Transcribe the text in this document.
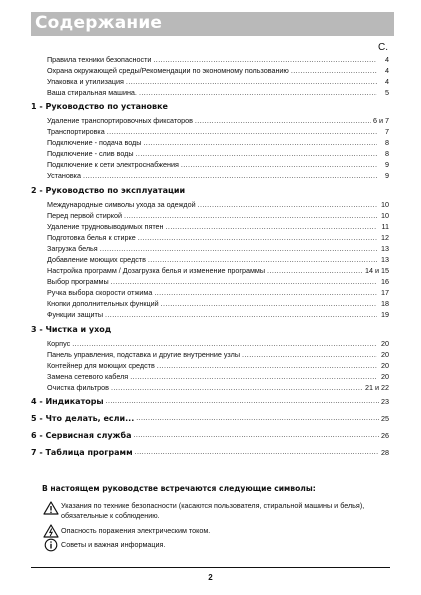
Содержание
С.
Правила техники безопасности .....	4
Охрана окружающей среды/Рекомендации по экономному пользованию .....	4
Упаковка и утилизация .....	4
Ваша стиральная машина. .....	5
1 - Руководство по установке
Удаление транспортировочных фиксаторов .....	6 и 7
Транспортировка .....	7
Подключение - подача воды .....	8
Подключение - слив воды .....	8
Подключение к сети электроснабжения .....	9
Установка .....	9
2 - Руководство по эксплуатации
Международные символы ухода за одеждой .....	10
Перед первой стиркой .....	10
Удаление трудновыводимых пятен .....	11
Подготовка белья к стирке .....	12
Загрузка белья .....	13
Добавление моющих средств .....	13
Настройка программ / Дозагрузка белья и изменение программы .....	14 и 15
Выбор программы .....	16
Ручка выбора скорости отжима .....	17
Кнопки дополнительных функций .....	18
Функции защиты .....	19
3 - Чистка и уход
Корпус .....	20
Панель управления, подставка и другие внутренние узлы .....	20
Контейнер для моющих средств .....	20
Замена сетевого кабеля .....	20
Очистка фильтров .....	21 и 22
4 - Индикаторы .....	23
5 - Что делать, если... .....	25
6 - Сервисная служба .....	26
7 - Таблица программ .....	28
В настоящем руководстве встречаются следующие символы:
Указания по технике безопасности (касаются пользователя, стиральной машины и белья), обязательные к соблюдению.
Опасность поражения электрическим током.
Советы и важная информация.
2
